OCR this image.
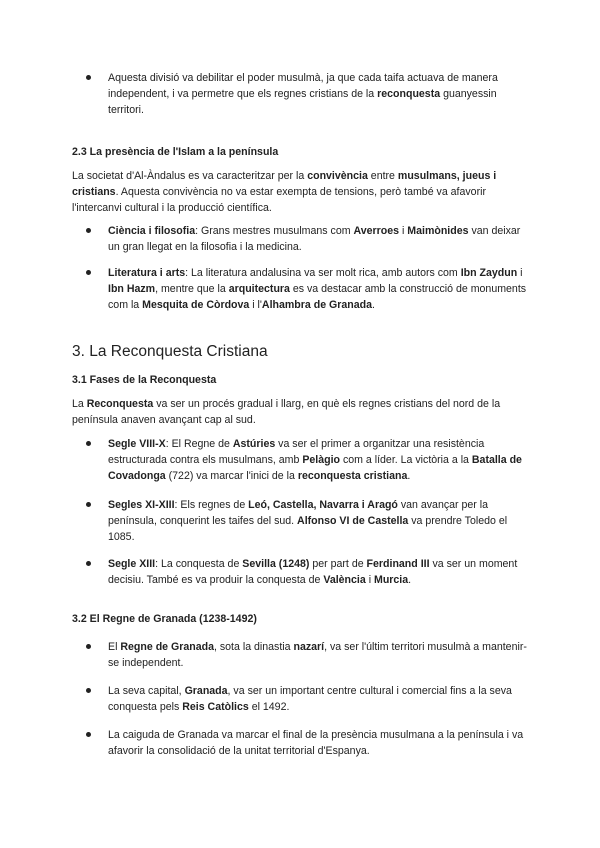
Aquesta divisió va debilitar el poder musulmà, ja que cada taifa actuava de manera independent, i va permetre que els regnes cristians de la reconquesta guanyessin territori.
2.3 La presència de l'Islam a la península

La societat d'Al-Àndalus es va caracteritzar per la convivència entre musulmans, jueus i cristians. Aquesta convivència no va estar exempta de tensions, però també va afavorir l'intercanvi cultural i la producció científica.

Ciència i filosofia: Grans mestres musulmans com Averroes i Maimònides van deixar un gran llegat en la filosofia i la medicina.
Literatura i arts: La literatura andalusina va ser molt rica, amb autors com Ibn Zaydun i Ibn Hazm, mentre que la arquitectura es va destacar amb la construcció de monuments com la Mesquita de Còrdova i l'Alhambra de Granada.
3. La Reconquesta Cristiana
3.1 Fases de la Reconquesta

La Reconquesta va ser un procés gradual i llarg, en què els regnes cristians del nord de la península anaven avançant cap al sud.

Segle VIII-X: El Regne de Astúries va ser el primer a organitzar una resistència estructurada contra els musulmans, amb Pelàgio com a líder. La victòria a la Batalla de Covadonga (722) va marcar l'inici de la reconquesta cristiana.
Segles XI-XIII: Els regnes de Leó, Castella, Navarra i Aragó van avançar per la península, conquerint les taifes del sud. Alfonso VI de Castella va prendre Toledo el 1085.
Segle XIII: La conquesta de Sevilla (1248) per part de Ferdinand III va ser un moment decisiu. També es va produir la conquesta de València i Murcia.
3.2 El Regne de Granada (1238-1492)
El Regne de Granada, sota la dinastia nazarí, va ser l'últim territori musulmà a mantenir-se independent.
La seva capital, Granada, va ser un important centre cultural i comercial fins a la seva conquesta pels Reis Catòlics el 1492.
La caiguda de Granada va marcar el final de la presència musulmana a la península i va afavorir la consolidació de la unitat territorial d'Espanya.
